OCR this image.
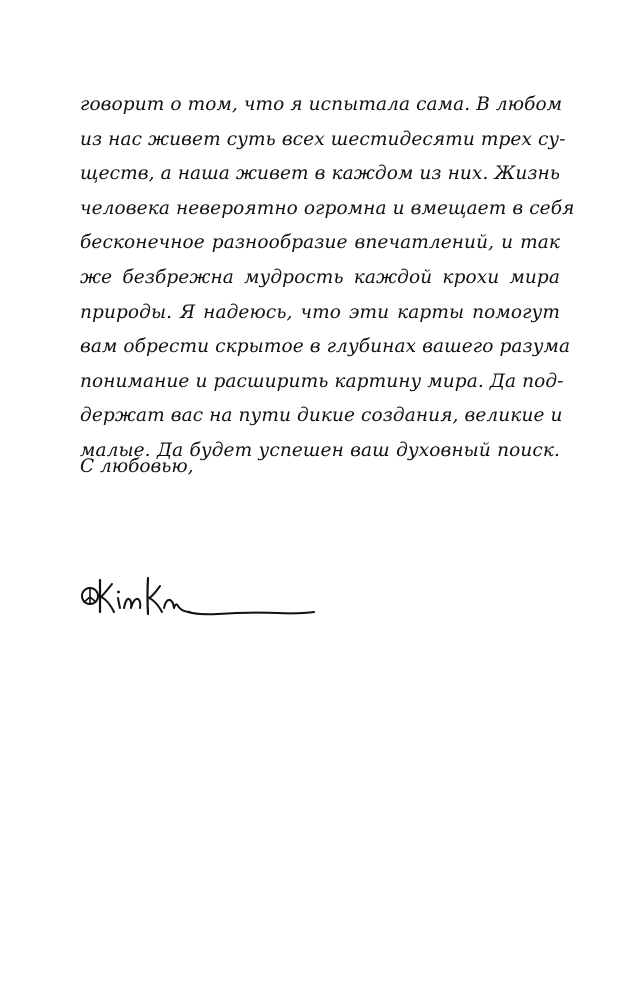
говорит о том, что я испытала сама. В любом
из нас живет суть всех шестидесяти трех су-
ществ, а наша живет в каждом из них. Жизнь
человека невероятно огромна и вмещает в себя
бесконечное разнообразие впечатлений, и так
же безбрежна мудрость каждой крохи мира
природы. Я надеюсь, что эти карты помогут
вам обрести скрытое в глубинах вашего разума
понимание и расширить картину мира. Да под-
держат вас на пути дикие создания, великие и
малые. Да будет успешен ваш духовный поиск.

С любовью,
